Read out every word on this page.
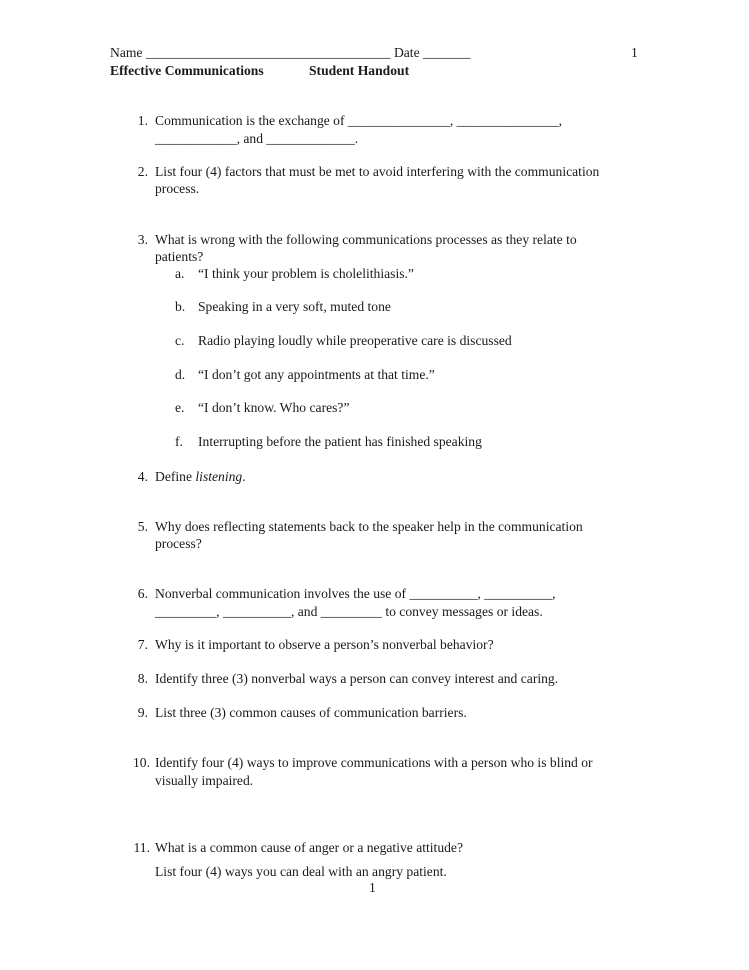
Name ____________________________________ Date _______	1
Effective Communications	Student Handout
1. Communication is the exchange of _______________, _______________,
____________, and _____________.
2. List four (4) factors that must be met to avoid interfering with the communication
process.
3. What is wrong with the following communications processes as they relate to
patients?
a. “I think your problem is cholelithiasis.”
b. Speaking in a very soft, muted tone
c. Radio playing loudly while preoperative care is discussed
d. “I don’t got any appointments at that time.”
e. “I don’t know. Who cares?”
f. Interrupting before the patient has finished speaking
4. Define listening.
5. Why does reflecting statements back to the speaker help in the communication
process?
6. Nonverbal communication involves the use of __________, __________,
_________, __________, and _________ to convey messages or ideas.
7. Why is it important to observe a person’s nonverbal behavior?
8. Identify three (3) nonverbal ways a person can convey interest and caring.
9. List three (3) common causes of communication barriers.
10. Identify four (4) ways to improve communications with a person who is blind or
visually impaired.
11. What is a common cause of anger or a negative attitude?
List four (4) ways you can deal with an angry patient.
1
